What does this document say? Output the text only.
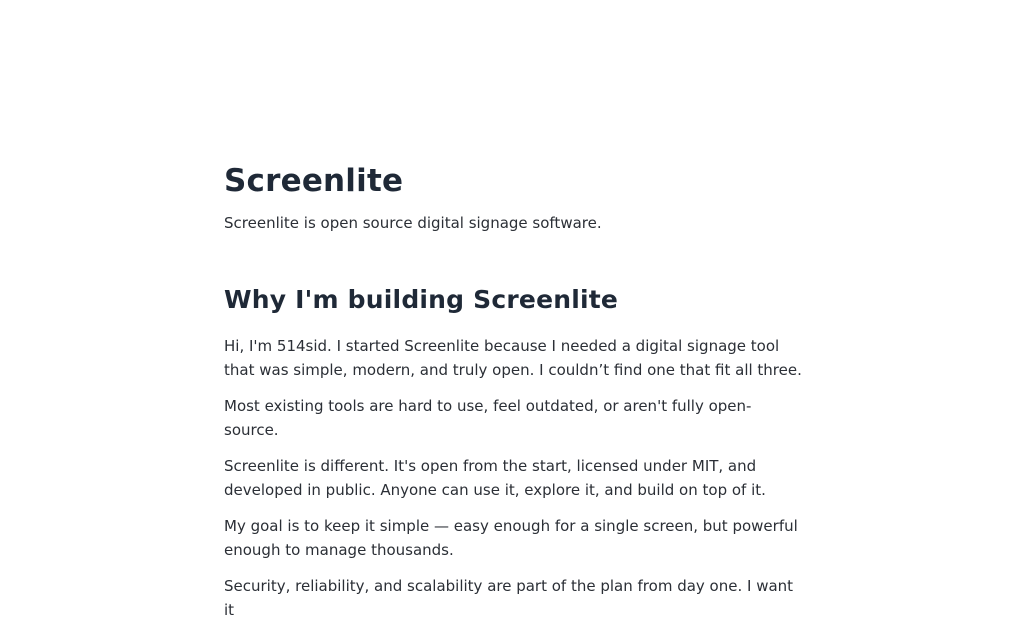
Screenlite

Screenlite is open source digital signage software.

Why I'm building Screenlite

Hi, I'm 514sid. I started Screenlite because I needed a digital signage tool that was simple, modern, and truly open. I couldn’t find one that fit all three.

Most existing tools are hard to use, feel outdated, or aren't fully open-source.

Screenlite is different. It's open from the start, licensed under MIT, and developed in public. Anyone can use it, explore it, and build on top of it.

My goal is to keep it simple — easy enough for a single screen, but powerful enough to manage thousands.

Security, reliability, and scalability are part of the plan from day one. I want it
